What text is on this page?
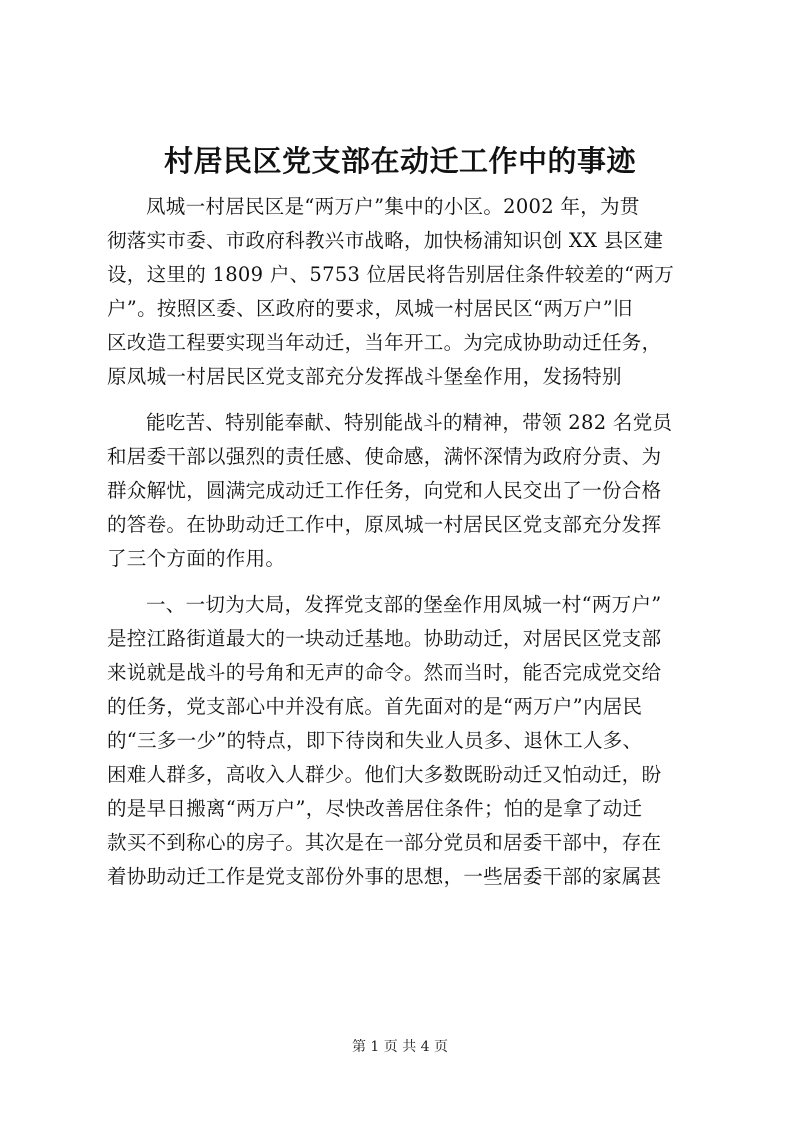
村居民区党支部在动迁工作中的事迹
凤城一村居民区是“两万户”集中的小区。2002 年，为贯
彻落实市委、市政府科教兴市战略，加快杨浦知识创 XX 县区建
设，这里的 1809 户、5753 位居民将告别居住条件较差的“两万
户”。按照区委、区政府的要求，凤城一村居民区“两万户”旧
区改造工程要实现当年动迁，当年开工。为完成协助动迁任务，
原凤城一村居民区党支部充分发挥战斗堡垒作用，发扬特别
能吃苦、特别能奉献、特别能战斗的精神，带领 282 名党员
和居委干部以强烈的责任感、使命感，满怀深情为政府分责、为
群众解忧，圆满完成动迁工作任务，向党和人民交出了一份合格
的答卷。在协助动迁工作中，原凤城一村居民区党支部充分发挥
了三个方面的作用。
一、一切为大局，发挥党支部的堡垒作用凤城一村“两万户”
是控江路街道最大的一块动迁基地。协助动迁，对居民区党支部
来说就是战斗的号角和无声的命令。然而当时，能否完成党交给
的任务，党支部心中并没有底。首先面对的是“两万户”内居民
的“三多一少”的特点，即下待岗和失业人员多、退休工人多、
困难人群多，高收入人群少。他们大多数既盼动迁又怕动迁，盼
的是早日搬离“两万户”，尽快改善居住条件；怕的是拿了动迁
款买不到称心的房子。其次是在一部分党员和居委干部中，存在
着协助动迁工作是党支部份外事的思想，一些居委干部的家属甚
第 1 页 共 4 页
